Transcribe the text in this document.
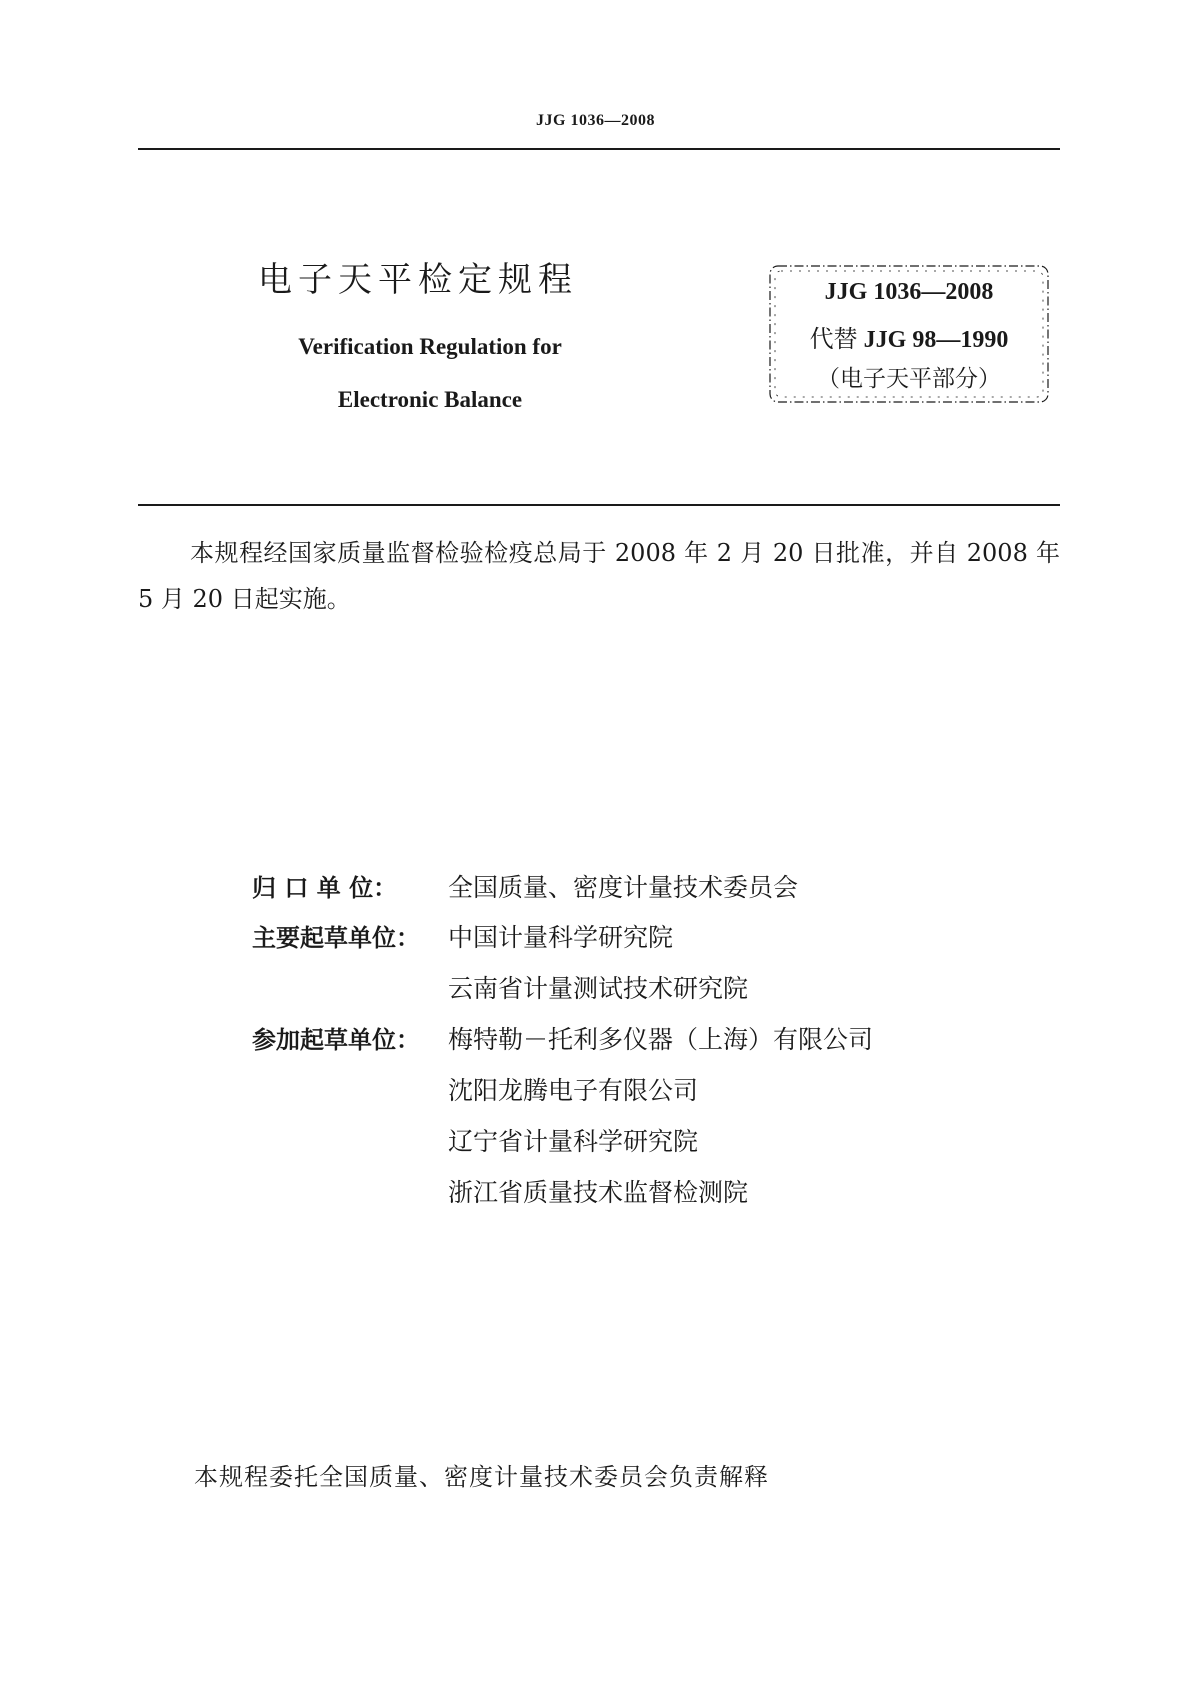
JJG 1036—2008
电子天平检定规程
Verification Regulation for
Electronic Balance
JJG 1036—2008
代替 JJG 98—1990
（电子天平部分）
本规程经国家质量监督检验检疫总局于 2008 年 2 月 20 日批准，并自 2008 年 5 月 20 日起实施。
归 口 单 位：	全国质量、密度计量技术委员会
主要起草单位：	中国计量科学研究院
云南省计量测试技术研究院
参加起草单位：	梅特勒－托利多仪器（上海）有限公司
沈阳龙腾电子有限公司
辽宁省计量科学研究院
浙江省质量技术监督检测院
本规程委托全国质量、密度计量技术委员会负责解释
